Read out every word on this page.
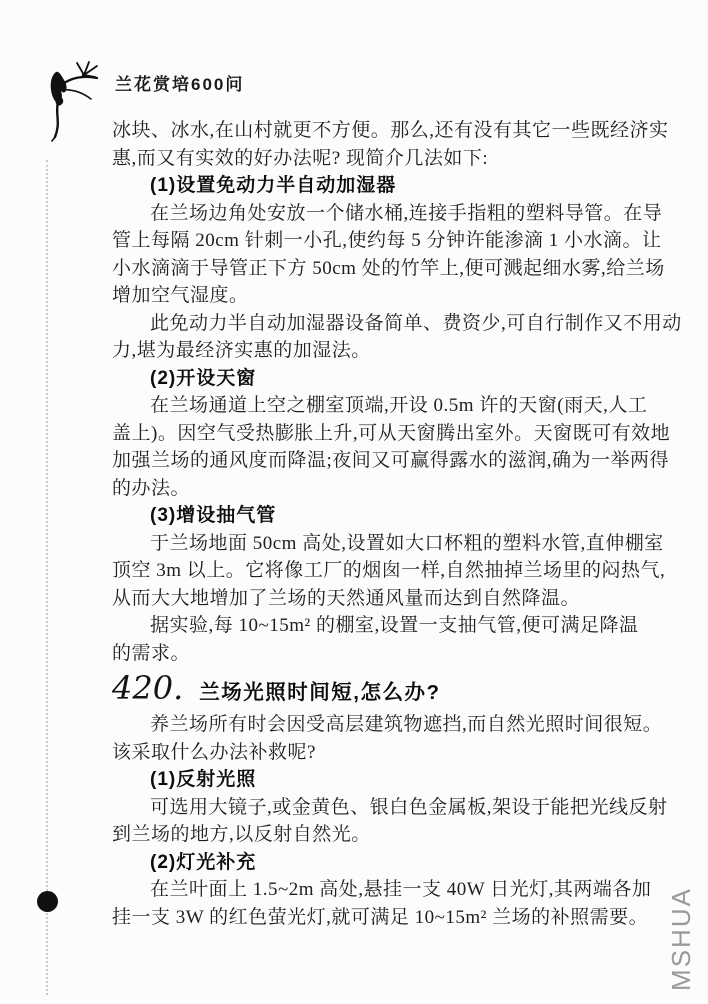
兰花赏培600问
冰块、冰水,在山村就更不方便。那么,还有没有其它一些既经济实
惠,而又有实效的好办法呢? 现简介几法如下:
(1)设置免动力半自动加湿器
在兰场边角处安放一个储水桶,连接手指粗的塑料导管。在导
管上每隔 20cm 针刺一小孔,使约每 5 分钟许能渗滴 1 小水滴。让
小水滴滴于导管正下方 50cm 处的竹竿上,便可溅起细水雾,给兰场
增加空气湿度。
此免动力半自动加湿器设备简单、费资少,可自行制作又不用动
力,堪为最经济实惠的加湿法。
(2)开设天窗
在兰场通道上空之棚室顶端,开设 0.5m 许的天窗(雨天,人工
盖上)。因空气受热膨胀上升,可从天窗腾出室外。天窗既可有效地
加强兰场的通风度而降温;夜间又可赢得露水的滋润,确为一举两得
的办法。
(3)增设抽气管
于兰场地面 50cm 高处,设置如大口杯粗的塑料水管,直伸棚室
顶空 3m 以上。它将像工厂的烟囱一样,自然抽掉兰场里的闷热气,
从而大大地增加了兰场的天然通风量而达到自然降温。
据实验,每 10~15m² 的棚室,设置一支抽气管,便可满足降温
的需求。
420. 兰场光照时间短,怎么办?
养兰场所有时会因受高层建筑物遮挡,而自然光照时间很短。
该采取什么办法补救呢?
(1)反射光照
可选用大镜子,或金黄色、银白色金属板,架设于能把光线反射
到兰场的地方,以反射自然光。
(2)灯光补充
在兰叶面上 1.5~2m 高处,悬挂一支 40W 日光灯,其两端各加
挂一支 3W 的红色萤光灯,就可满足 10~15m² 兰场的补照需要。 MSHUA
